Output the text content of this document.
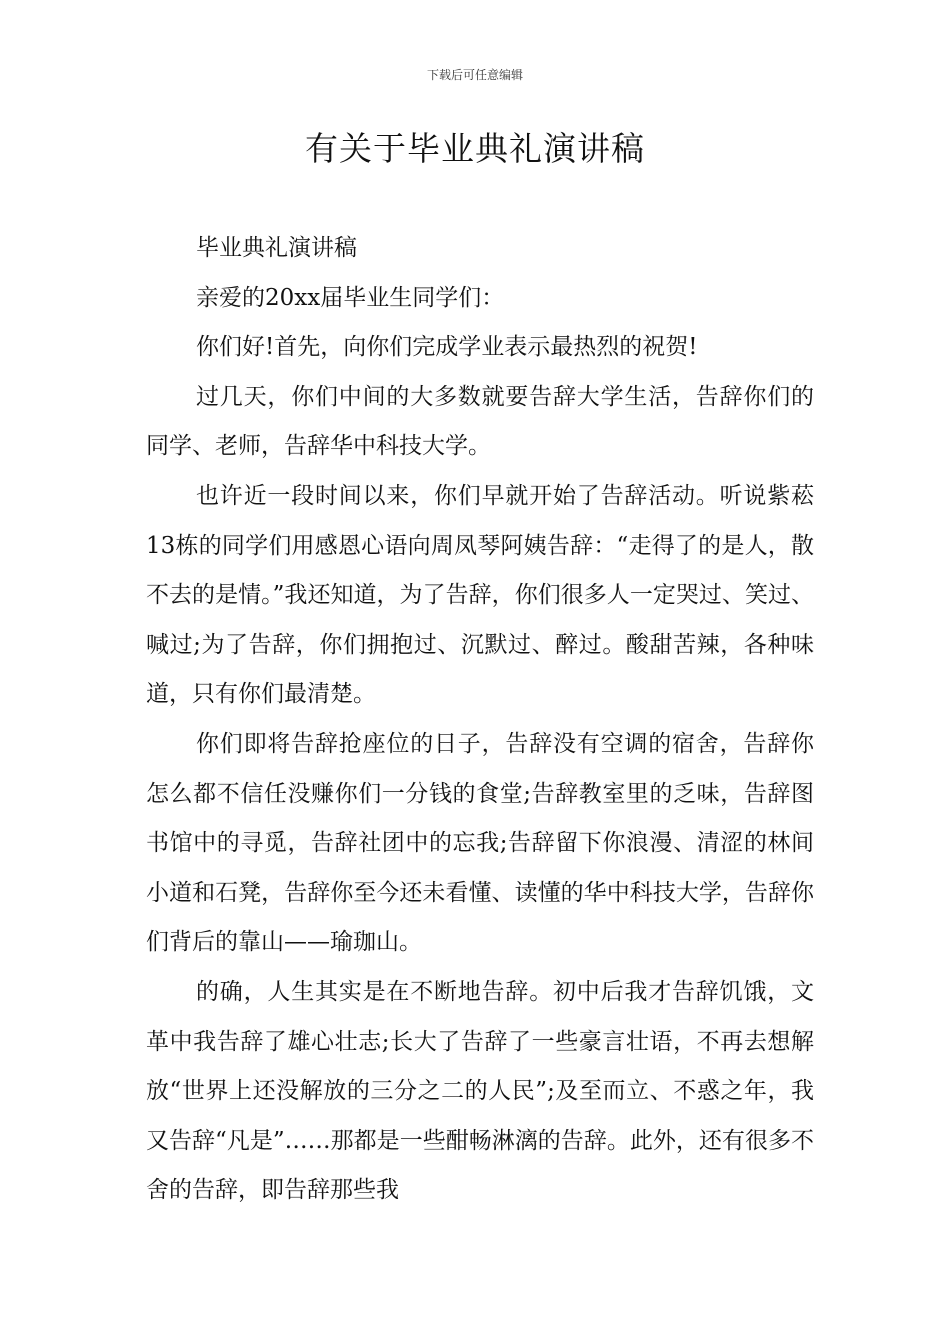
下载后可任意编辑
有关于毕业典礼演讲稿

毕业典礼演讲稿

亲爱的20xx届毕业生同学们：

你们好!首先，向你们完成学业表示最热烈的祝贺!

过几天，你们中间的大多数就要告辞大学生活，告辞你们的同学、老师，告辞华中科技大学。

也许近一段时间以来，你们早就开始了告辞活动。听说紫菘13栋的同学们用感恩心语向周凤琴阿姨告辞：“走得了的是人，散不去的是情。”我还知道，为了告辞，你们很多人一定哭过、笑过、喊过;为了告辞，你们拥抱过、沉默过、醉过。酸甜苦辣，各种味道，只有你们最清楚。

你们即将告辞抢座位的日子，告辞没有空调的宿舍，告辞你怎么都不信任没赚你们一分钱的食堂;告辞教室里的乏味，告辞图书馆中的寻觅，告辞社团中的忘我;告辞留下你浪漫、清涩的林间小道和石凳，告辞你至今还未看懂、读懂的华中科技大学，告辞你们背后的靠山——瑜珈山。

的确，人生其实是在不断地告辞。初中后我才告辞饥饿，文革中我告辞了雄心壮志;长大了告辞了一些豪言壮语，不再去想解放“世界上还没解放的三分之二的人民”;及至而立、不惑之年，我又告辞“凡是”……那都是一些酣畅淋漓的告辞。此外，还有很多不舍的告辞，即告辞那些我
